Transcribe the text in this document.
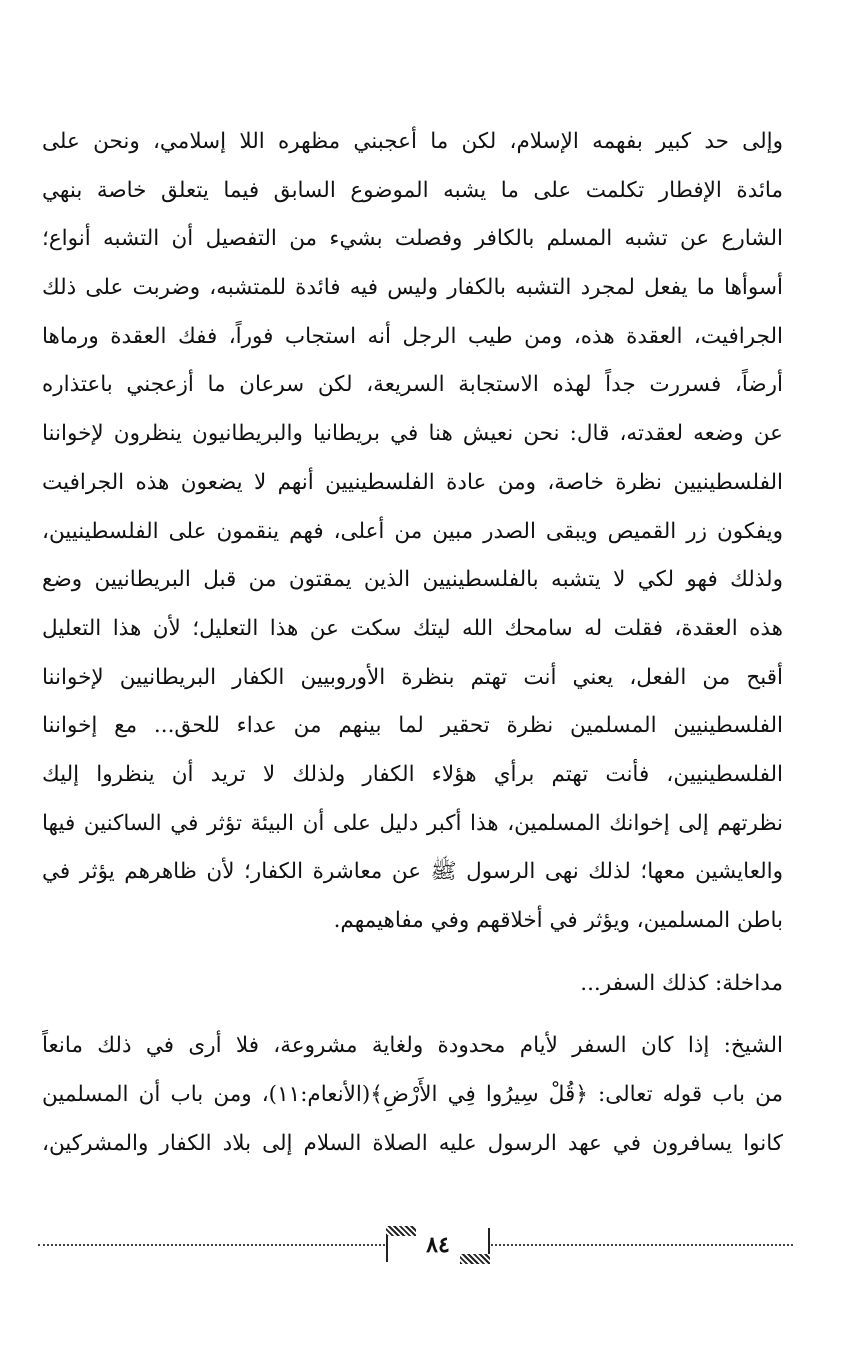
وإلى حد كبير بفهمه الإسلام، لكن ما أعجبني مظهره اللا إسلامي، ونحن على
مائدة الإفطار تكلمت على ما يشبه الموضوع السابق فيما يتعلق خاصة بنهي
الشارع عن تشبه المسلم بالكافر وفصلت بشيء من التفصيل أن التشبه أنواع؛
أسوأها ما يفعل لمجرد التشبه بالكفار وليس فيه فائدة للمتشبه، وضربت على ذلك
الجرافيت، العقدة هذه، ومن طيب الرجل أنه استجاب فوراً، ففك العقدة ورماها
أرضاً، فسررت جداً لهذه الاستجابة السريعة، لكن سرعان ما أزعجني باعتذاره
عن وضعه لعقدته، قال: نحن نعيش هنا في بريطانيا والبريطانيون ينظرون لإخواننا
الفلسطينيين نظرة خاصة، ومن عادة الفلسطينيين أنهم لا يضعون هذه الجرافيت
ويفكون زر القميص ويبقى الصدر مبين من أعلى، فهم ينقمون على الفلسطينيين،
ولذلك فهو لكي لا يتشبه بالفلسطينيين الذين يمقتون من قبل البريطانيين وضع
هذه العقدة، فقلت له سامحك الله ليتك سكت عن هذا التعليل؛ لأن هذا التعليل
أقبح من الفعل، يعني أنت تهتم بنظرة الأوروبيين الكفار البريطانيين لإخواننا
الفلسطينيين المسلمين نظرة تحقير لما بينهم من عداء للحق... مع إخواننا
الفلسطينيين، فأنت تهتم برأي هؤلاء الكفار ولذلك لا تريد أن ينظروا إليك
نظرتهم إلى إخوانك المسلمين، هذا أكبر دليل على أن البيئة تؤثر في الساكنين فيها
والعايشين معها؛ لذلك نهى الرسول ﷺ عن معاشرة الكفار؛ لأن ظاهرهم يؤثر في
باطن المسلمين، ويؤثر في أخلاقهم وفي مفاهيمهم.
مداخلة: كذلك السفر...
الشيخ: إذا كان السفر لأيام محدودة ولغاية مشروعة، فلا أرى في ذلك مانعاً
من باب قوله تعالى: ﴿قُلْ سِيرُوا فِي الأَرْضِ﴾(الأنعام:١١)، ومن باب أن المسلمين
كانوا يسافرون في عهد الرسول عليه الصلاة السلام إلى بلاد الكفار والمشركين،
٨٤
